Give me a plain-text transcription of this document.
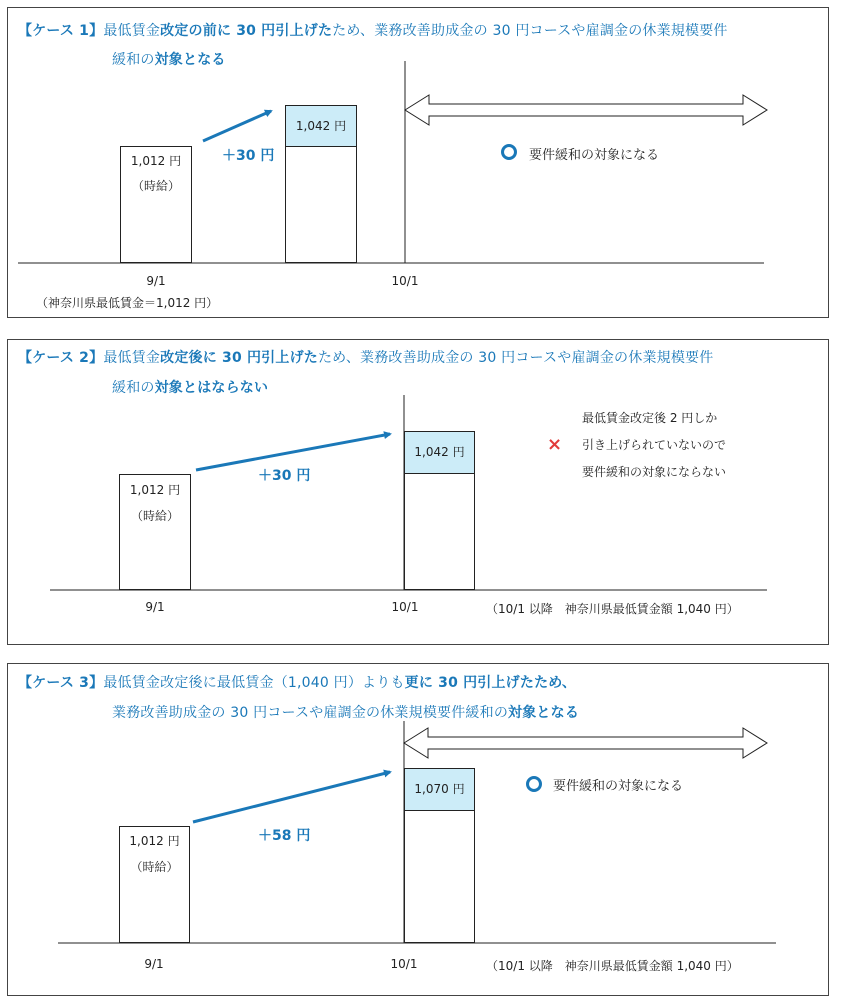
【ケース 1】最低賃金改定の前に 30 円引上げたため、業務改善助成金の 30 円コースや雇調金の休業規模要件
緩和の対象となる
1,012 円
（時給）
1,042 円
＋30 円	要件緩和の対象になる
9/1	10/1
（神奈川県最低賃金＝1,012 円）
【ケース 2】最低賃金改定後に 30 円引上げたため、業務改善助成金の 30 円コースや雇調金の休業規模要件
緩和の対象とはならない
1,012 円
（時給）
1,042 円
＋30 円
×
最低賃金改定後 2 円しか
引き上げられていないので
要件緩和の対象にならない
9/1	10/1	（10/1 以降　神奈川県最低賃金額 1,040 円）
【ケース 3】最低賃金改定後に最低賃金（1,040 円）よりも更に 30 円引上げたため、
業務改善助成金の 30 円コースや雇調金の休業規模要件緩和の対象となる
1,012 円
（時給）
1,070 円
＋58 円
要件緩和の対象になる
9/1	10/1	（10/1 以降　神奈川県最低賃金額 1,040 円）
